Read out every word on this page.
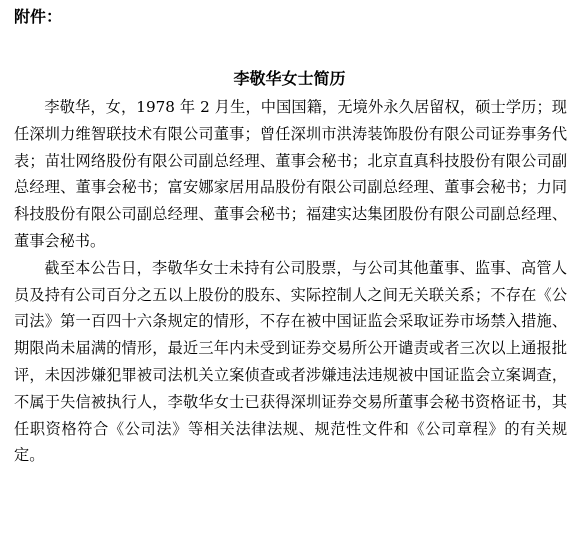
附件：
李敬华女士简历

李敬华，女，1978 年 2 月生，中国国籍，无境外永久居留权，硕士学历；现任深圳力维智联技术有限公司董事；曾任深圳市洪涛装饰股份有限公司证券事务代表；苗壮网络股份有限公司副总经理、董事会秘书；北京直真科技股份有限公司副总经理、董事会秘书；富安娜家居用品股份有限公司副总经理、董事会秘书；力同科技股份有限公司副总经理、董事会秘书；福建实达集团股份有限公司副总经理、董事会秘书。

截至本公告日，李敬华女士未持有公司股票，与公司其他董事、监事、高管人员及持有公司百分之五以上股份的股东、实际控制人之间无关联关系；不存在《公司法》第一百四十六条规定的情形，不存在被中国证监会采取证券市场禁入措施、期限尚未届满的情形，最近三年内未受到证券交易所公开谴责或者三次以上通报批评，未因涉嫌犯罪被司法机关立案侦查或者涉嫌违法违规被中国证监会立案调查，不属于失信被执行人，李敬华女士已获得深圳证券交易所董事会秘书资格证书，其任职资格符合《公司法》等相关法律法规、规范性文件和《公司章程》的有关规定。
